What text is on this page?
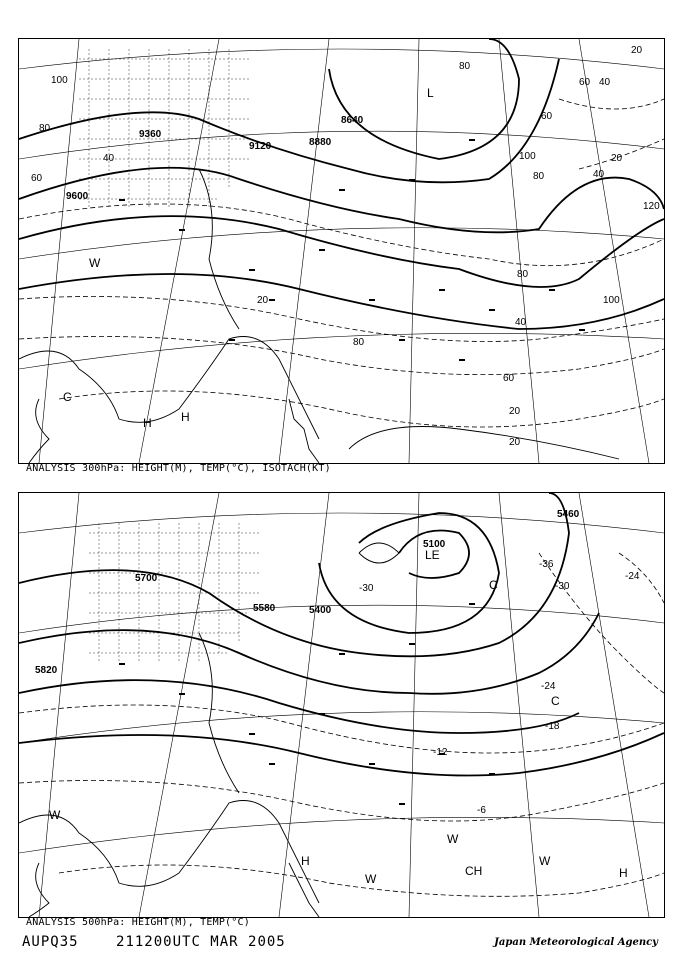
9360
9120	8880
8640
9600
100
80
60
40
20
80
60
40
80
100
120
20
20
20
40
60
80
100
80
60 40
20
L
C
H H
W
ANALYSIS 300hPa: HEIGHT(M), TEMP(°C), ISOTACH(KT)
5700
5580
5460
5820
5400
5100
-30	-30
-24
-24
-18
-12
-6
-36
LE
C
C
H
CH
W
H
W
W
W
ANALYSIS 500hPa: HEIGHT(M), TEMP(°C)
AUPQ35	211200UTC MAR 2005	Japan Meteorological Agency
